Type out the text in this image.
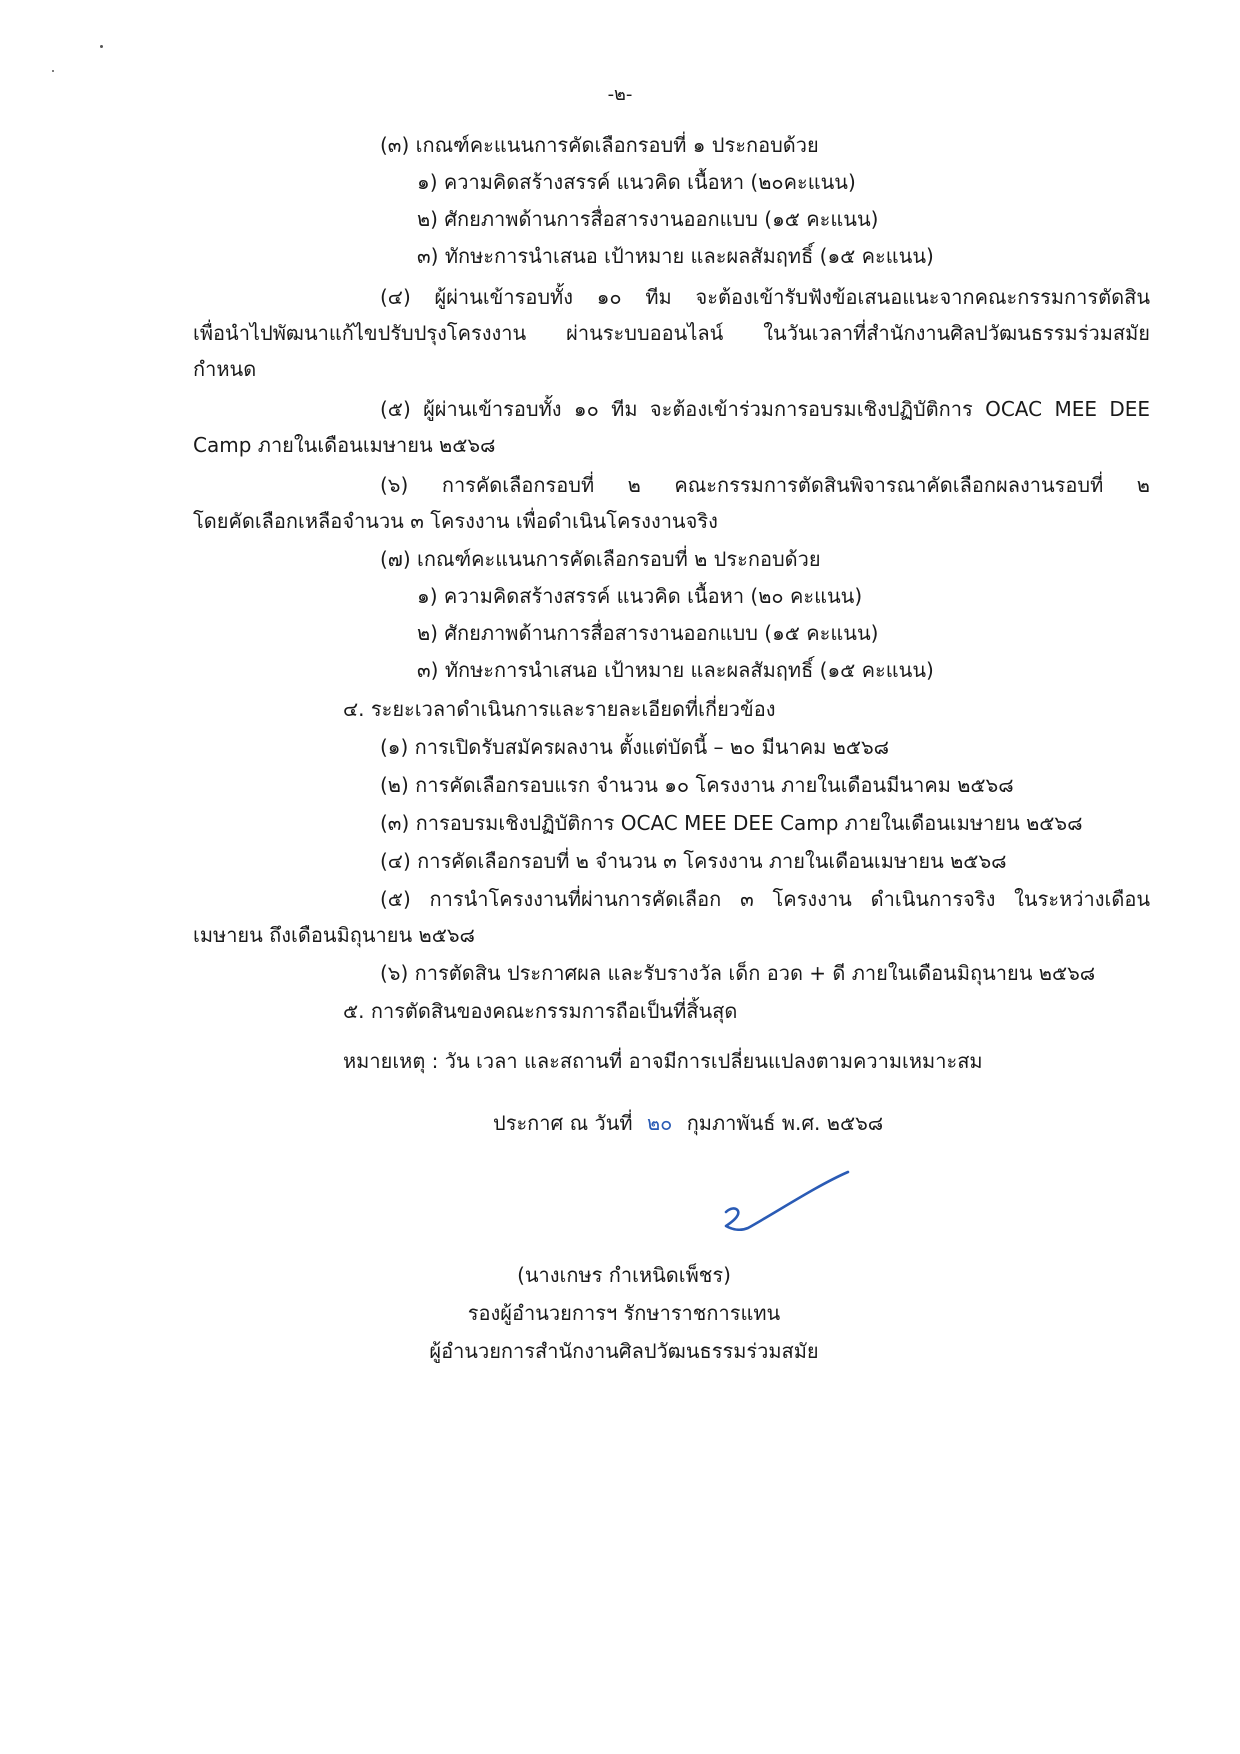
-๒-
(๓) เกณฑ์คะแนนการคัดเลือกรอบที่ ๑ ประกอบด้วย
๑) ความคิดสร้างสรรค์ แนวคิด เนื้อหา (๒๐คะแนน)
๒) ศักยภาพด้านการสื่อสารงานออกแบบ (๑๕ คะแนน)
๓) ทักษะการนำเสนอ เป้าหมาย และผลสัมฤทธิ์ (๑๕ คะแนน)
(๔) ผู้ผ่านเข้ารอบทั้ง ๑๐ ทีม จะต้องเข้ารับฟังข้อเสนอแนะจากคณะกรรมการตัดสิน
เพื่อนำไปพัฒนาแก้ไขปรับปรุงโครงงาน ผ่านระบบออนไลน์ ในวันเวลาที่สำนักงานศิลปวัฒนธรรมร่วมสมัย
กำหนด
(๕) ผู้ผ่านเข้ารอบทั้ง ๑๐ ทีม จะต้องเข้าร่วมการอบรมเชิงปฏิบัติการ OCAC MEE DEE
Camp ภายในเดือนเมษายน ๒๕๖๘
(๖) การคัดเลือกรอบที่ ๒ คณะกรรมการตัดสินพิจารณาคัดเลือกผลงานรอบที่ ๒
โดยคัดเลือกเหลือจำนวน ๓ โครงงาน เพื่อดำเนินโครงงานจริง
(๗) เกณฑ์คะแนนการคัดเลือกรอบที่ ๒ ประกอบด้วย
๑) ความคิดสร้างสรรค์ แนวคิด เนื้อหา (๒๐ คะแนน)
๒) ศักยภาพด้านการสื่อสารงานออกแบบ (๑๕ คะแนน)
๓) ทักษะการนำเสนอ เป้าหมาย และผลสัมฤทธิ์ (๑๕ คะแนน)
๔. ระยะเวลาดำเนินการและรายละเอียดที่เกี่ยวข้อง
(๑) การเปิดรับสมัครผลงาน ตั้งแต่บัดนี้ – ๒๐ มีนาคม ๒๕๖๘
(๒) การคัดเลือกรอบแรก จำนวน ๑๐ โครงงาน ภายในเดือนมีนาคม ๒๕๖๘
(๓) การอบรมเชิงปฏิบัติการ OCAC MEE DEE Camp ภายในเดือนเมษายน ๒๕๖๘
(๔) การคัดเลือกรอบที่ ๒ จำนวน ๓ โครงงาน ภายในเดือนเมษายน ๒๕๖๘
(๕) การนำโครงงานที่ผ่านการคัดเลือก ๓ โครงงาน ดำเนินการจริง ในระหว่างเดือน
เมษายน ถึงเดือนมิถุนายน ๒๕๖๘
(๖) การตัดสิน ประกาศผล และรับรางวัล เด็ก อวด + ดี ภายในเดือนมิถุนายน ๒๕๖๘
๕. การตัดสินของคณะกรรมการถือเป็นที่สิ้นสุด
หมายเหตุ : วัน เวลา และสถานที่ อาจมีการเปลี่ยนแปลงตามความเหมาะสม
ประกาศ ณ วันที่ ๒๐ กุมภาพันธ์ พ.ศ. ๒๕๖๘
(นางเกษร กำเหนิดเพ็ชร)
รองผู้อำนวยการฯ รักษาราชการแทน
ผู้อำนวยการสำนักงานศิลปวัฒนธรรมร่วมสมัย
